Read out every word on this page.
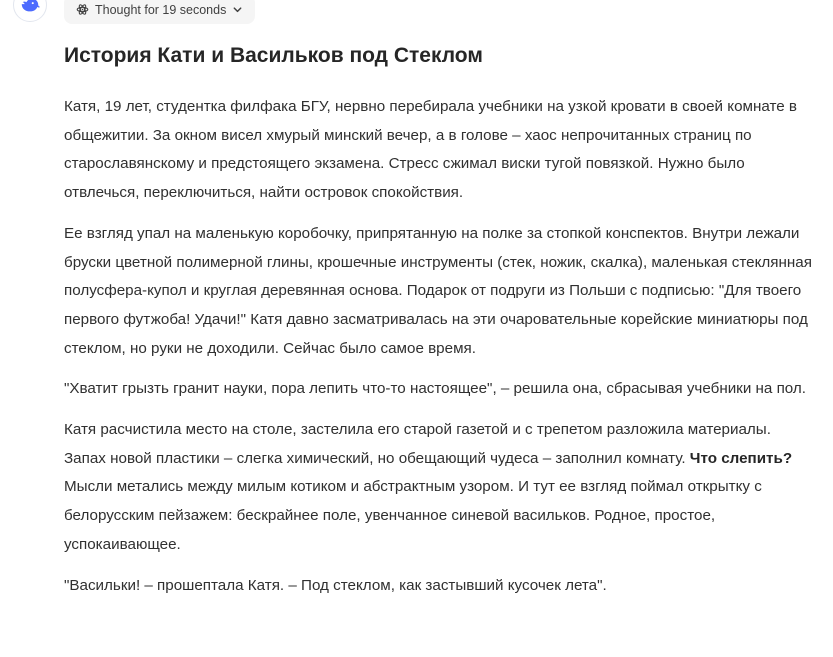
Thought for 19 seconds
История Кати и Васильков под Стеклом

Катя, 19 лет, студентка филфака БГУ, нервно перебирала учебники на узкой кровати в своей комнате в общежитии. За окном висел хмурый минский вечер, а в голове – хаос непрочитанных страниц по старославянскому и предстоящего экзамена. Стресс сжимал виски тугой повязкой. Нужно было отвлечься, переключиться, найти островок спокойствия.

Ее взгляд упал на маленькую коробочку, припрятанную на полке за стопкой конспектов. Внутри лежали бруски цветной полимерной глины, крошечные инструменты (стек, ножик, скалка), маленькая стеклянная полусфера-купол и круглая деревянная основа. Подарок от подруги из Польши с подписью: "Для твоего первого футжоба! Удачи!" Катя давно засматривалась на эти очаровательные корейские миниатюры под стеклом, но руки не доходили. Сейчас было самое время.

"Хватит грызть гранит науки, пора лепить что-то настоящее", – решила она, сбрасывая учебники на пол.

Катя расчистила место на столе, застелила его старой газетой и с трепетом разложила материалы. Запах новой пластики – слегка химический, но обещающий чудеса – заполнил комнату. Что слепить? Мысли метались между милым котиком и абстрактным узором. И тут ее взгляд поймал открытку с белорусским пейзажем: бескрайнее поле, увенчанное синевой васильков. Родное, простое, успокаивающее.

"Васильки! – прошептала Катя. – Под стеклом, как застывший кусочек лета".
